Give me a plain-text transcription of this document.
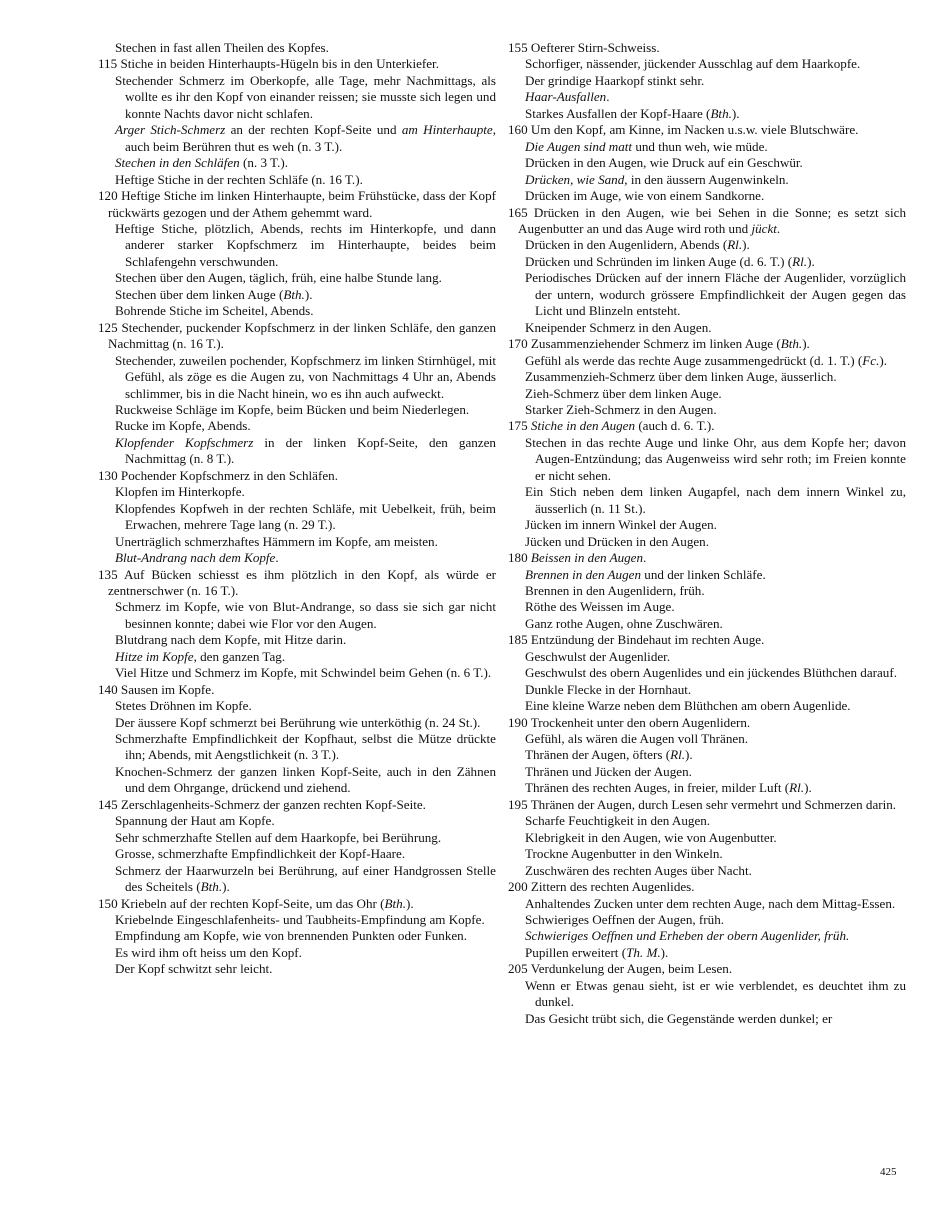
Stechen in fast allen Theilen des Kopfes.
115 Stiche in beiden Hinterhaupts-Hügeln bis in den Unterkiefer.
Stechender Schmerz im Oberkopfe, alle Tage, mehr Nachmittags, als wollte es ihr den Kopf von einander reissen; sie musste sich legen und konnte Nachts davor nicht schlafen.
Arger Stich-Schmerz an der rechten Kopf-Seite und am Hinterhaupte, auch beim Berühren thut es weh (n. 3 T.).
Stechen in den Schläfen (n. 3 T.).
Heftige Stiche in der rechten Schläfe (n. 16 T.).
120 Heftige Stiche im linken Hinterhaupte, beim Frühstücke, dass der Kopf rückwärts gezogen und der Athem gehemmt ward.
Heftige Stiche, plötzlich, Abends, rechts im Hinterkopfe, und dann anderer starker Kopfschmerz im Hinterhaupte, beides beim Schlafengehn verschwunden.
Stechen über den Augen, täglich, früh, eine halbe Stunde lang.
Stechen über dem linken Auge (Bth.).
Bohrende Stiche im Scheitel, Abends.
125 Stechender, puckender Kopfschmerz in der linken Schläfe, den ganzen Nachmittag (n. 16 T.).
Stechender, zuweilen pochender, Kopfschmerz im linken Stirnhügel, mit Gefühl, als zöge es die Augen zu, von Nachmittags 4 Uhr an, Abends schlimmer, bis in die Nacht hinein, wo es ihn auch aufweckt.
Ruckweise Schläge im Kopfe, beim Bücken und beim Niederlegen.
Rucke im Kopfe, Abends.
Klopfender Kopfschmerz in der linken Kopf-Seite, den ganzen Nachmittag (n. 8 T.).
130 Pochender Kopfschmerz in den Schläfen.
Klopfen im Hinterkopfe.
Klopfendes Kopfweh in der rechten Schläfe, mit Uebelkeit, früh, beim Erwachen, mehrere Tage lang (n. 29 T.).
Unerträglich schmerzhaftes Hämmern im Kopfe, am meisten.
Blut-Andrang nach dem Kopfe.
135 Auf Bücken schiesst es ihm plötzlich in den Kopf, als würde er zentnerschwer (n. 16 T.).
Schmerz im Kopfe, wie von Blut-Andrange, so dass sie sich gar nicht besinnen konnte; dabei wie Flor vor den Augen.
Blutdrang nach dem Kopfe, mit Hitze darin.
Hitze im Kopfe, den ganzen Tag.
Viel Hitze und Schmerz im Kopfe, mit Schwindel beim Gehen (n. 6 T.).
140 Sausen im Kopfe.
Stetes Dröhnen im Kopfe.
Der äussere Kopf schmerzt bei Berührung wie unterköthig (n. 24 St.).
Schmerzhafte Empfindlichkeit der Kopfhaut, selbst die Mütze drückte ihn; Abends, mit Aengstlichkeit (n. 3 T.).
Knochen-Schmerz der ganzen linken Kopf-Seite, auch in den Zähnen und dem Ohrgange, drückend und ziehend.
145 Zerschlagenheits-Schmerz der ganzen rechten Kopf-Seite.
Spannung der Haut am Kopfe.
Sehr schmerzhafte Stellen auf dem Haarkopfe, bei Berührung.
Grosse, schmerzhafte Empfindlichkeit der Kopf-Haare.
Schmerz der Haarwurzeln bei Berührung, auf einer Handgrossen Stelle des Scheitels (Bth.).
150 Kriebeln auf der rechten Kopf-Seite, um das Ohr (Bth.).
Kriebelnde Eingeschlafenheits- und Taubheits-Empfindung am Kopfe.
Empfindung am Kopfe, wie von brennenden Punkten oder Funken.
Es wird ihm oft heiss um den Kopf.
Der Kopf schwitzt sehr leicht.
155 Oefterer Stirn-Schweiss.
Schorfiger, nässender, jückender Ausschlag auf dem Haarkopfe.
Der grindige Haarkopf stinkt sehr.
Haar-Ausfallen.
Starkes Ausfallen der Kopf-Haare (Bth.).
160 Um den Kopf, am Kinne, im Nacken u.s.w. viele Blutschwäre.
Die Augen sind matt und thun weh, wie müde.
Drücken in den Augen, wie Druck auf ein Geschwür.
Drücken, wie Sand, in den äussern Augenwinkeln.
Drücken im Auge, wie von einem Sandkorne.
165 Drücken in den Augen, wie bei Sehen in die Sonne; es setzt sich Augenbutter an und das Auge wird roth und jückt.
Drücken in den Augenlidern, Abends (Rl.).
Drücken und Schründen im linken Auge (d. 6. T.) (Rl.).
Periodisches Drücken auf der innern Fläche der Augenlider, vorzüglich der untern, wodurch grössere Empfindlichkeit der Augen gegen das Licht und Blinzeln entsteht.
Kneipender Schmerz in den Augen.
170 Zusammenziehender Schmerz im linken Auge (Bth.).
Gefühl als werde das rechte Auge zusammengedrückt (d. 1. T.) (Fc.).
Zusammenzieh-Schmerz über dem linken Auge, äusserlich.
Zieh-Schmerz über dem linken Auge.
Starker Zieh-Schmerz in den Augen.
175 Stiche in den Augen (auch d. 6. T.).
Stechen in das rechte Auge und linke Ohr, aus dem Kopfe her; davon Augen-Entzündung; das Augenweiss wird sehr roth; im Freien konnte er nicht sehen.
Ein Stich neben dem linken Augapfel, nach dem innern Winkel zu, äusserlich (n. 11 St.).
Jücken im innern Winkel der Augen.
Jücken und Drücken in den Augen.
180 Beissen in den Augen.
Brennen in den Augen und der linken Schläfe.
Brennen in den Augenlidern, früh.
Röthe des Weissen im Auge.
Ganz rothe Augen, ohne Zuschwären.
185 Entzündung der Bindehaut im rechten Auge.
Geschwulst der Augenlider.
Geschwulst des obern Augenlides und ein jückendes Blüthchen darauf.
Dunkle Flecke in der Hornhaut.
Eine kleine Warze neben dem Blüthchen am obern Augenlide.
190 Trockenheit unter den obern Augenlidern.
Gefühl, als wären die Augen voll Thränen.
Thränen der Augen, öfters (Rl.).
Thränen und Jücken der Augen.
Thränen des rechten Auges, in freier, milder Luft (Rl.).
195 Thränen der Augen, durch Lesen sehr vermehrt und Schmerzen darin.
Scharfe Feuchtigkeit in den Augen.
Klebrigkeit in den Augen, wie von Augenbutter.
Trockne Augenbutter in den Winkeln.
Zuschwären des rechten Auges über Nacht.
200 Zittern des rechten Augenlides.
Anhaltendes Zucken unter dem rechten Auge, nach dem Mittag-Essen.
Schwieriges Oeffnen der Augen, früh.
Schwieriges Oeffnen und Erheben der obern Augenlider, früh.
Pupillen erweitert (Th. M.).
205 Verdunkelung der Augen, beim Lesen.
Wenn er Etwas genau sieht, ist er wie verblendet, es deuchtet ihm zu dunkel.
Das Gesicht trübt sich, die Gegenstände werden dunkel; er
425
